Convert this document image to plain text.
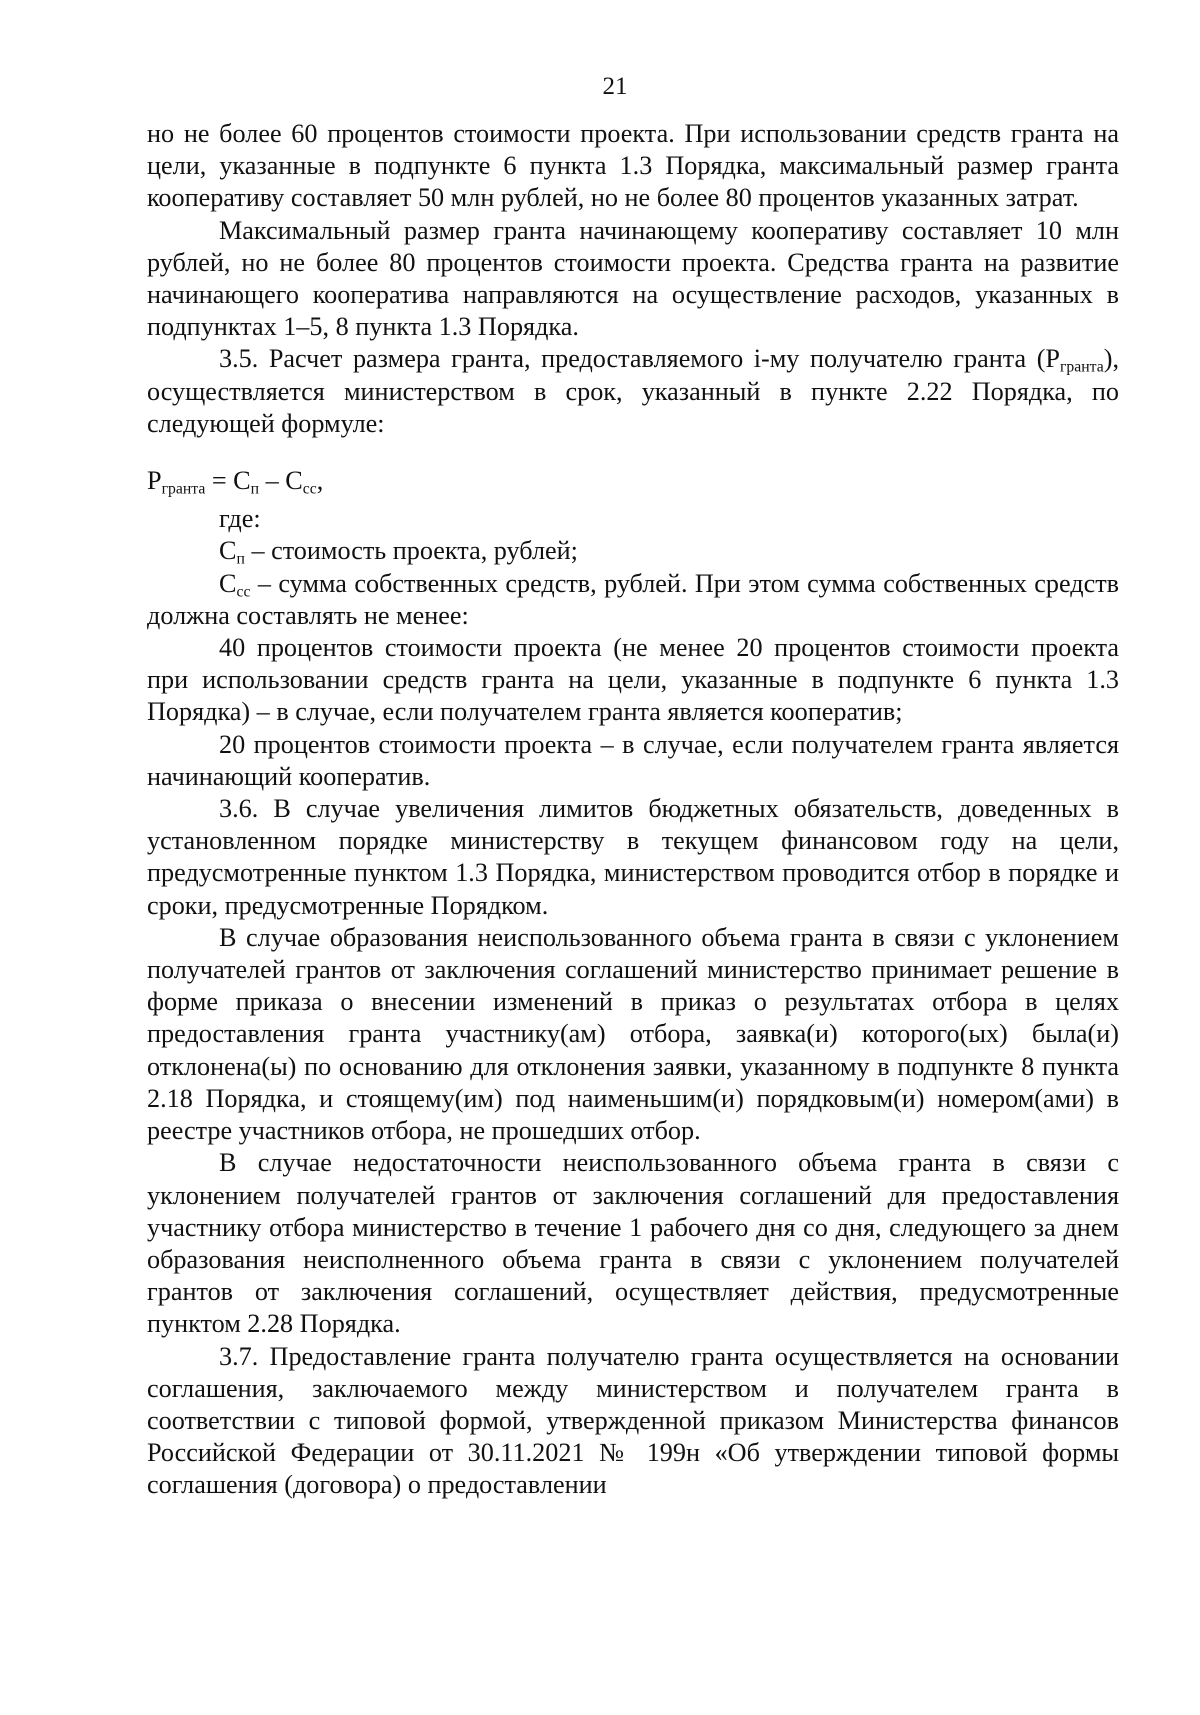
21

но не более 60 процентов стоимости проекта. При использовании средств гранта на цели, указанные в подпункте 6 пункта 1.3 Порядка, максимальный размер гранта кооперативу составляет 50 млн рублей, но не более 80 процентов указанных затрат.

Максимальный размер гранта начинающему кооперативу составляет 10 млн рублей, но не более 80 процентов стоимости проекта. Средства гранта на развитие начинающего кооператива направляются на осуществление расходов, указанных в подпунктах 1–5, 8 пункта 1.3 Порядка.

3.5. Расчет размера гранта, предоставляемого i-му получателю гранта $(Р_{гранта})$, осуществляется министерством в срок, указанный в пункте 2.22 Порядка, по следующей формуле:

$Р_{гранта} = С_п - С_{сс}$,

где:

$С_п$ – стоимость проекта, рублей;

$С_{сс}$ – сумма собственных средств, рублей. При этом сумма собственных средств должна составлять не менее:

40 процентов стоимости проекта (не менее 20 процентов стоимости проекта при использовании средств гранта на цели, указанные в подпункте 6 пункта 1.3 Порядка) – в случае, если получателем гранта является кооператив;

20 процентов стоимости проекта – в случае, если получателем гранта является начинающий кооператив.

3.6. В случае увеличения лимитов бюджетных обязательств, доведенных в установленном порядке министерству в текущем финансовом году на цели, предусмотренные пунктом 1.3 Порядка, министерством проводится отбор в порядке и сроки, предусмотренные Порядком.

В случае образования неиспользованного объема гранта в связи с уклонением получателей грантов от заключения соглашений министерство принимает решение в форме приказа о внесении изменений в приказ о результатах отбора в целях предоставления гранта участнику(ам) отбора, заявка(и) которого(ых) была(и) отклонена(ы) по основанию для отклонения заявки, указанному в подпункте 8 пункта 2.18 Порядка, и стоящему(им) под наименьшим(и) порядковым(и) номером(ами) в реестре участников отбора, не прошедших отбор.

В случае недостаточности неиспользованного объема гранта в связи с уклонением получателей грантов от заключения соглашений для предоставления участнику отбора министерство в течение 1 рабочего дня со дня, следующего за днем образования неисполненного объема гранта в связи с уклонением получателей грантов от заключения соглашений, осуществляет действия, предусмотренные пунктом 2.28 Порядка.

3.7. Предоставление гранта получателю гранта осуществляется на основании соглашения, заключаемого между министерством и получателем гранта в соответствии с типовой формой, утвержденной приказом Министерства финансов Российской Федерации от 30.11.2021 № 199н «Об утверждении типовой формы соглашения (договора) о предоставлении
